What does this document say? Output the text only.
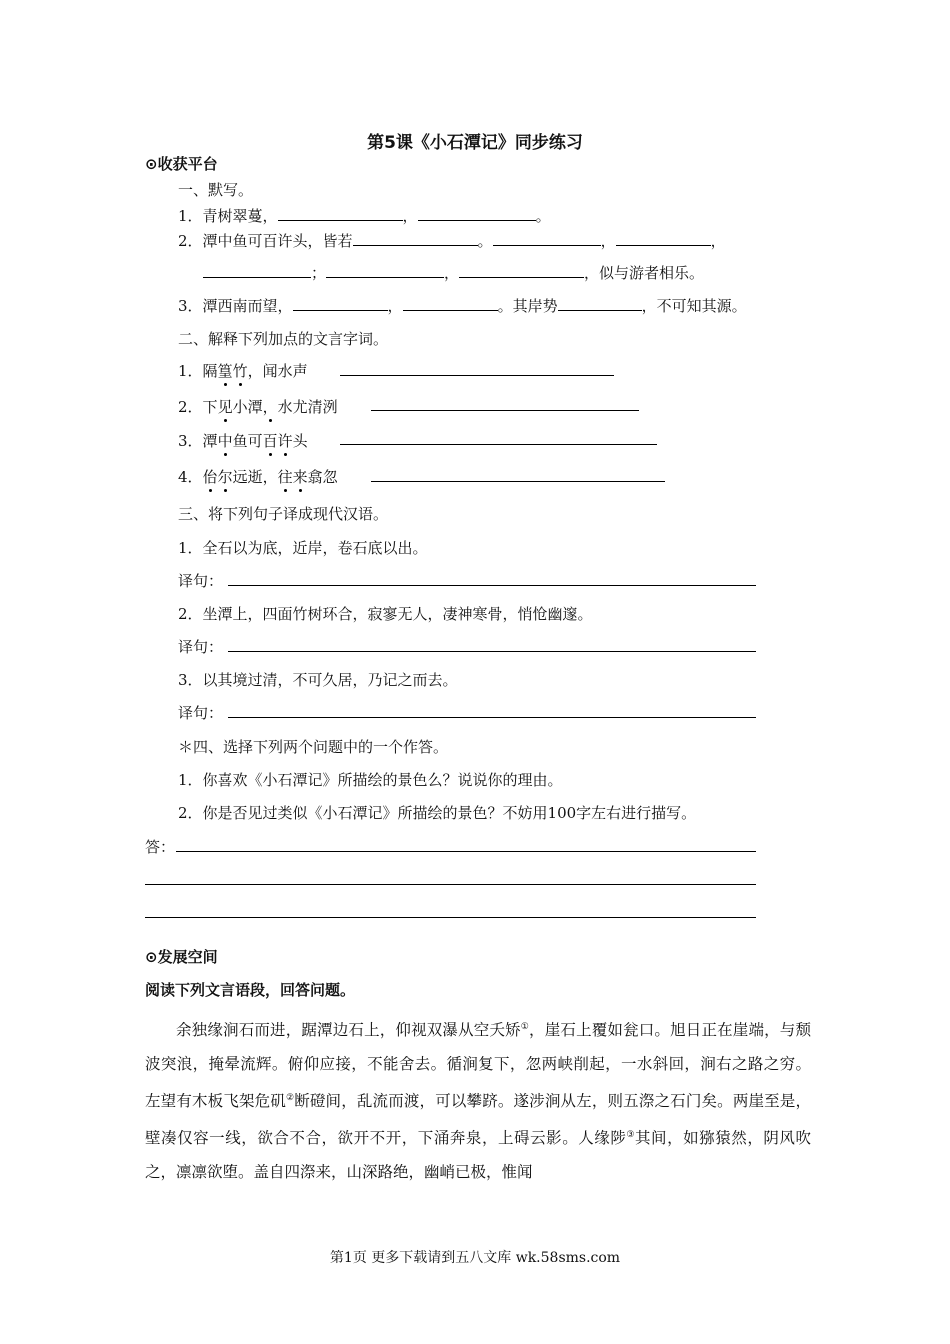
第5课《小石潭记》同步练习
⊙收获平台
一、默写。
1．青树翠蔓，	，	。
2．潭中鱼可百许头，皆若	。	，	，
；	，	，似与游者相乐。
3．潭西南而望，	，	。其岸势	，不可知其源。
二、解释下列加点的文言字词。
1．隔篁竹，闻水声
2．下见小潭，水尤清洌
3．潭中鱼可百许头
4．佁尔远逝，往来翕忽
三、将下列句子译成现代汉语。
1．全石以为底，近岸，卷石底以出。
译句：
2．坐潭上，四面竹树环合，寂寥无人，凄神寒骨，悄怆幽邃。
译句：
3．以其境过清，不可久居，乃记之而去。
译句：
＊四、选择下列两个问题中的一个作答。
1．你喜欢《小石潭记》所描绘的景色么？说说你的理由。
2．你是否见过类似《小石潭记》所描绘的景色？不妨用100字左右进行描写。
答：
⊙发展空间
阅读下列文言语段，回答问题。

余独缘涧石而进，踞潭边石上，仰视双瀑从空夭矫①，崖石上覆如瓮口。旭日正在崖端，与颓波突浪，掩晕流辉。俯仰应接，不能舍去。循涧复下，忽两峡削起，一水斜回，涧右之路之穷。左望有木板飞架危矶②断磴间，乱流而渡，可以攀跻。遂涉涧从左，则五漈之石门矣。两崖至是，壁凑仅容一线，欲合不合，欲开不开，下涌奔泉，上碍云影。人缘陟③其间，如猕猿然，阴风吹之，凛凛欲堕。盖自四漈来，山深路绝，幽峭已极，惟闻

第1页 更多下载请到五八文库 wk.58sms.com
